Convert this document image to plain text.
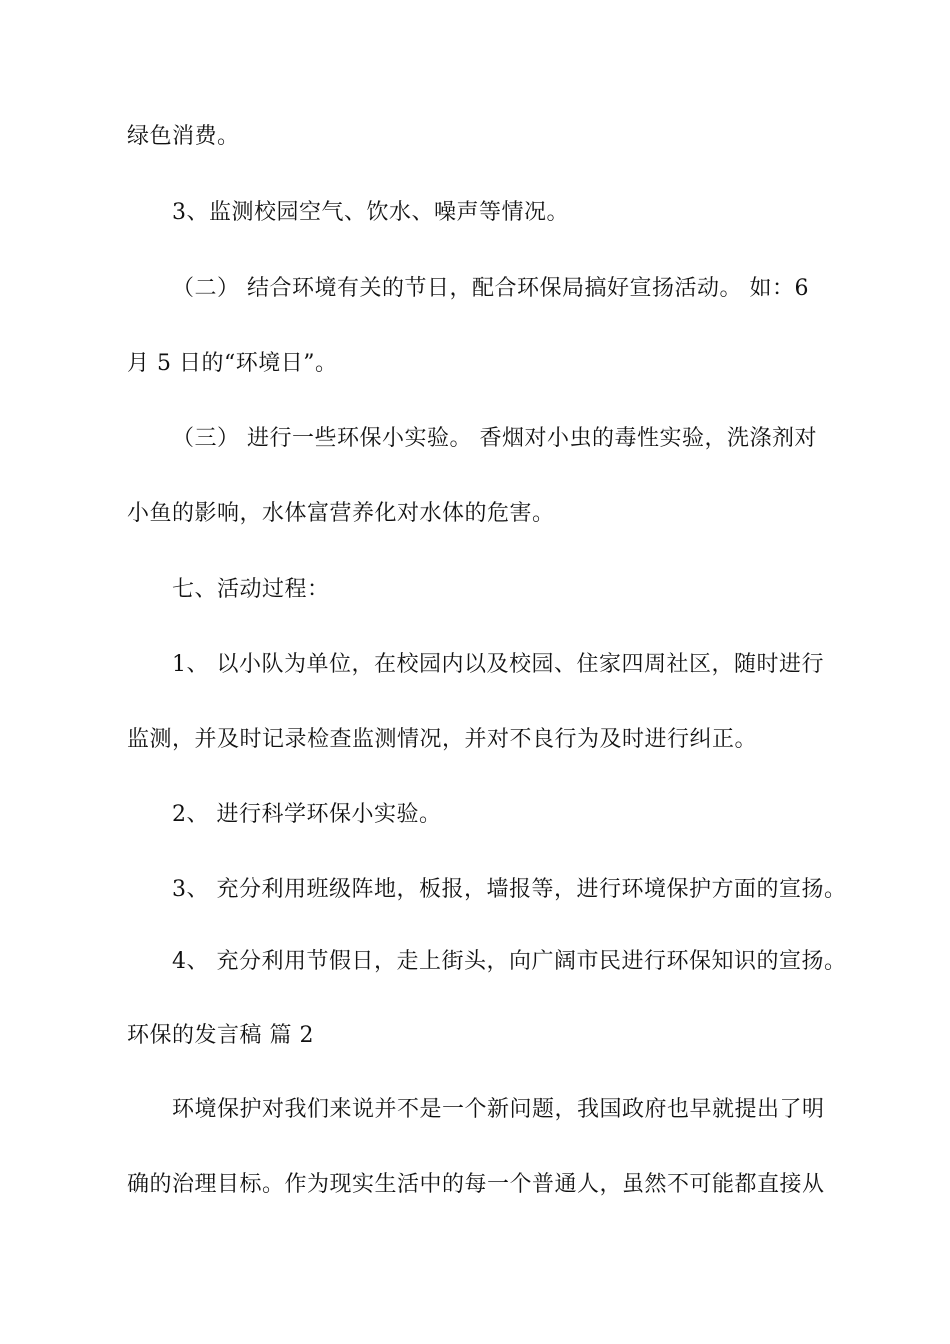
绿色消费。
3、监测校园空气、饮水、噪声等情况。
（二） 结合环境有关的节日，配合环保局搞好宣扬活动。 如：6
月 5 日的“环境日”。
（三） 进行一些环保小实验。 香烟对小虫的毒性实验，洗涤剂对
小鱼的影响，水体富营养化对水体的危害。
七、活动过程：
1、 以小队为单位，在校园内以及校园、住家四周社区，随时进行
监测，并及时记录检查监测情况，并对不良行为及时进行纠正。
2、 进行科学环保小实验。
3、 充分利用班级阵地，板报，墙报等，进行环境保护方面的宣扬。
4、 充分利用节假日，走上街头，向广阔市民进行环保知识的宣扬。
环保的发言稿 篇 2
环境保护对我们来说并不是一个新问题，我国政府也早就提出了明
确的治理目标。作为现实生活中的每一个普通人，虽然不可能都直接从
